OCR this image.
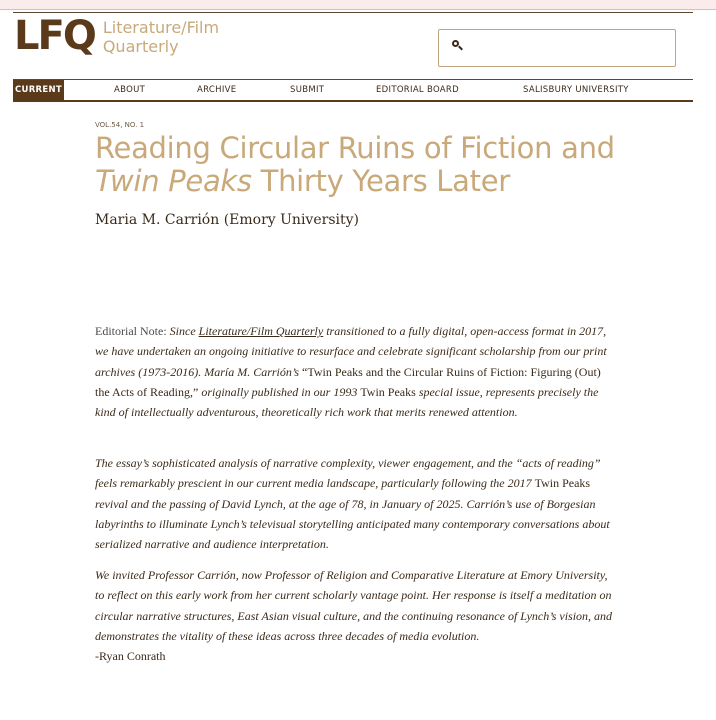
LFQ Literature/Film
Quarterly
CURRENT	ABOUT	ARCHIVE	SUBMIT	EDITORIAL BOARD	SALISBURY UNIVERSITY
VOL.54, NO. 1
Reading Circular Ruins of Fiction and
Twin Peaks Thirty Years Later
Maria M. Carrión (Emory University)
Editorial Note: Since Literature/Film Quarterly transitioned to a fully digital, open-access format in 2017, we have undertaken an ongoing initiative to resurface and celebrate significant scholarship from our print archives (1973-2016). María M. Carrión’s “Twin Peaks and the Circular Ruins of Fiction: Figuring (Out) the Acts of Reading,” originally published in our 1993 Twin Peaks special issue, represents precisely the kind of intellectually adventurous, theoretically rich work that merits renewed attention.
The essay’s sophisticated analysis of narrative complexity, viewer engagement, and the “acts of reading” feels remarkably prescient in our current media landscape, particularly following the 2017 Twin Peaks revival and the passing of David Lynch, at the age of 78, in January of 2025. Carrión’s use of Borgesian labyrinths to illuminate Lynch’s televisual storytelling anticipated many contemporary conversations about serialized narrative and audience interpretation.
We invited Professor Carrión, now Professor of Religion and Comparative Literature at Emory University, to reflect on this early work from her current scholarly vantage point. Her response is itself a meditation on circular narrative structures, East Asian visual culture, and the continuing resonance of Lynch’s vision, and demonstrates the vitality of these ideas across three decades of media evolution.
-Ryan Conrath
